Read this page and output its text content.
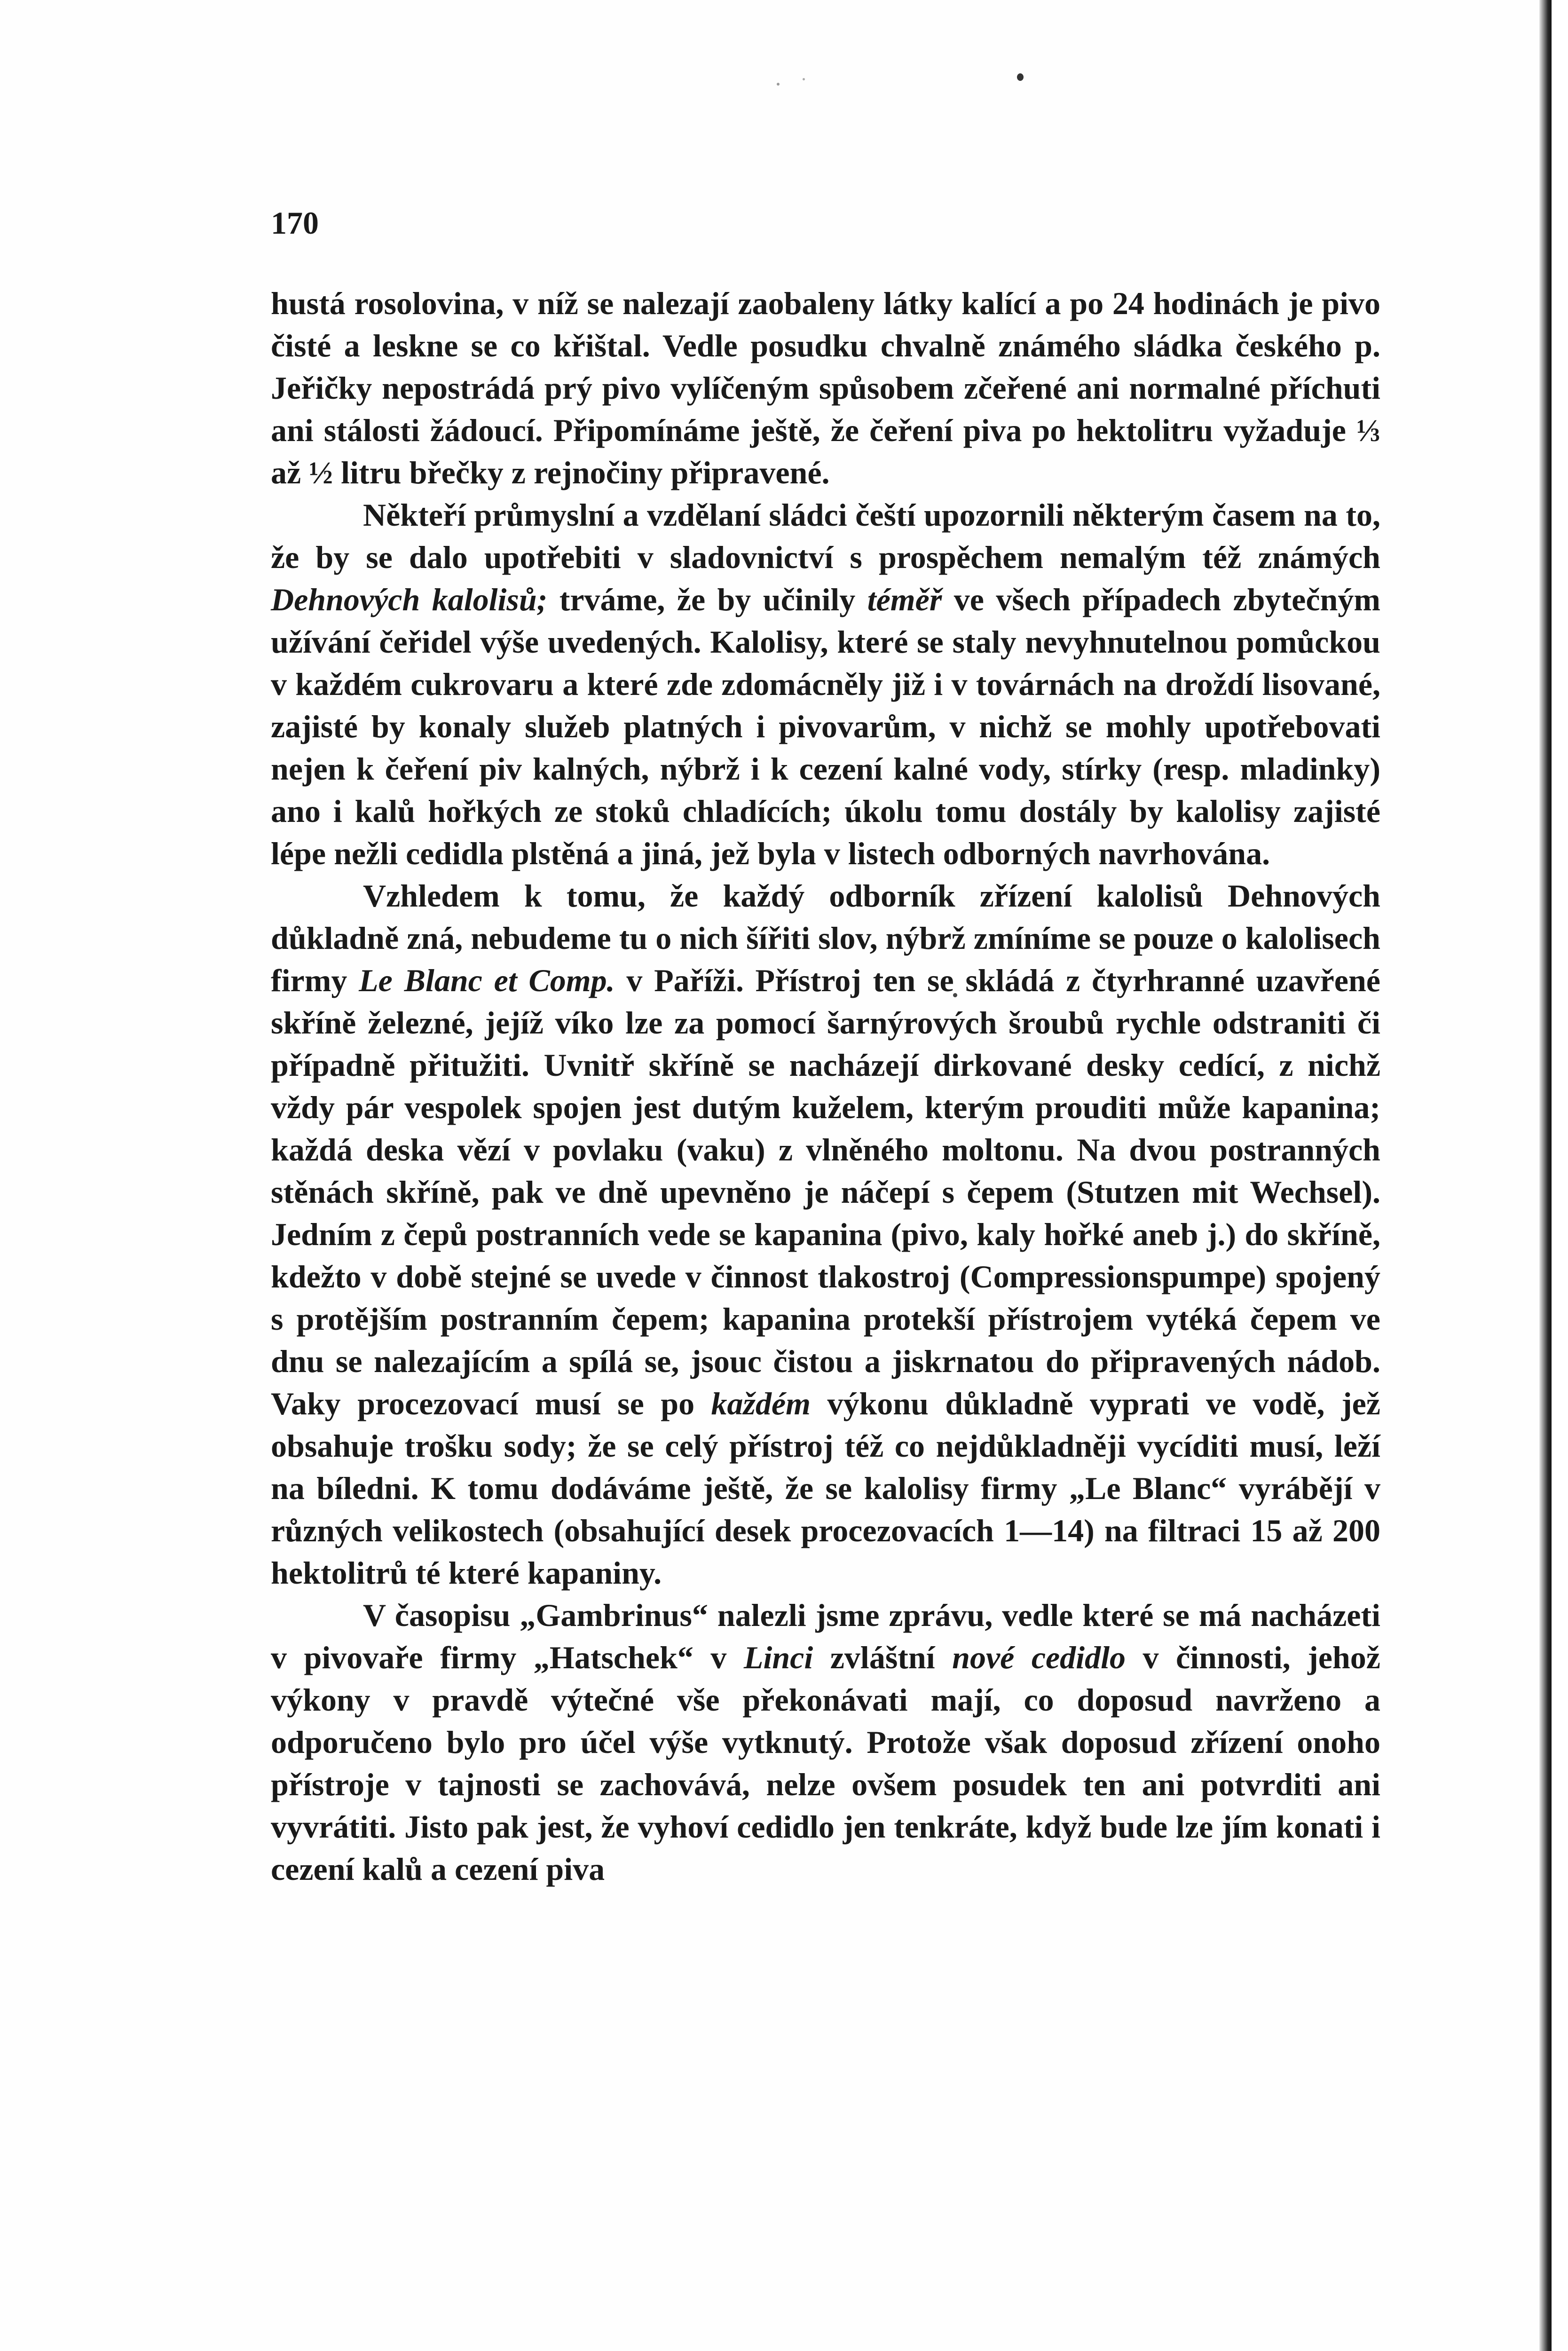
170

hustá rosolovina, v níž se nalezají zaobaleny látky kalící a po 24 hodinách je pivo čisté a leskne se co křištal. Vedle posudku chvalně známého sládka českého p. Jeřičky nepostrádá prý pivo vylíčeným spůsobem zčeřené ani normalné příchuti ani stálosti žádoucí. Připomínáme ještě, že čeření piva po hektolitru vyžaduje ⅓ až ½ litru břečky z rejnočiny připravené.

Někteří průmyslní a vzdělaní sládci čeští upozornili některým časem na to, že by se dalo upotřebiti v sladovnictví s prospěchem nemalým též známých Dehnových kalolisů; trváme, že by učinily téměř ve všech případech zbytečným užívání čeřidel výše uvedených. Kalolisy, které se staly nevyhnutelnou pomůckou v každém cukrovaru a které zde zdomácněly již i v továrnách na droždí lisované, zajisté by konaly služeb platných i pivovarům, v nichž se mohly upotřebovati nejen k čeření piv kalných, nýbrž i k cezení kalné vody, stírky (resp. mladinky) ano i kalů hořkých ze stoků chladících; úkolu tomu dostály by kalolisy zajisté lépe nežli cedidla plstěná a jiná, jež byla v listech odborných navrhována.

Vzhledem k tomu, že každý odborník zřízení kalolisů Dehnových důkladně zná, nebudeme tu o nich šířiti slov, nýbrž zmíníme se pouze o kalolisech firmy Le Blanc et Comp. v Paříži. Přístroj ten se skládá z čtyrhranné uzavřené skříně železné, jejíž víko lze za pomocí šarnýrových šroubů rychle odstraniti či případně přitužiti. Uvnitř skříně se nacházejí dirkované desky cedící, z nichž vždy pár vespolek spojen jest dutým kuželem, kterým prouditi může kapanina; každá deska vězí v povlaku (vaku) z vlněného moltonu. Na dvou postranných stěnách skříně, pak ve dně upevněno je náčepí s čepem (Stutzen mit Wechsel). Jedním z čepů postranních vede se kapanina (pivo, kaly hořké aneb j.) do skříně, kdežto v době stejné se uvede v činnost tlakostroj (Compressionspumpe) spojený s protějším postranním čepem; kapanina protekší přístrojem vytéká čepem ve dnu se nalezajícím a spílá se, jsouc čistou a jiskrnatou do připravených nádob. Vaky procezovací musí se po každém výkonu důkladně vyprati ve vodě, jež obsahuje trošku sody; že se celý přístroj též co nejdůkladněji vycíditi musí, leží na bíledni. K tomu dodáváme ještě, že se kalolisy firmy „Le Blanc“ vyrábějí v různých velikostech (obsahující desek procezovacích 1—14) na filtraci 15 až 200 hektolitrů té které kapaniny.

V časopisu „Gambrinus“ nalezli jsme zprávu, vedle které se má nacházeti v pivovaře firmy „Hatschek“ v Linci zvláštní nové cedidlo v činnosti, jehož výkony v pravdě výtečné vše překonávati mají, co doposud navrženo a odporučeno bylo pro účel výše vytknutý. Protože však doposud zřízení onoho přístroje v tajnosti se zachovává, nelze ovšem posudek ten ani potvrditi ani vyvrátiti. Jisto pak jest, že vyhoví cedidlo jen tenkráte, když bude lze jím konati i cezení kalů a cezení piva
